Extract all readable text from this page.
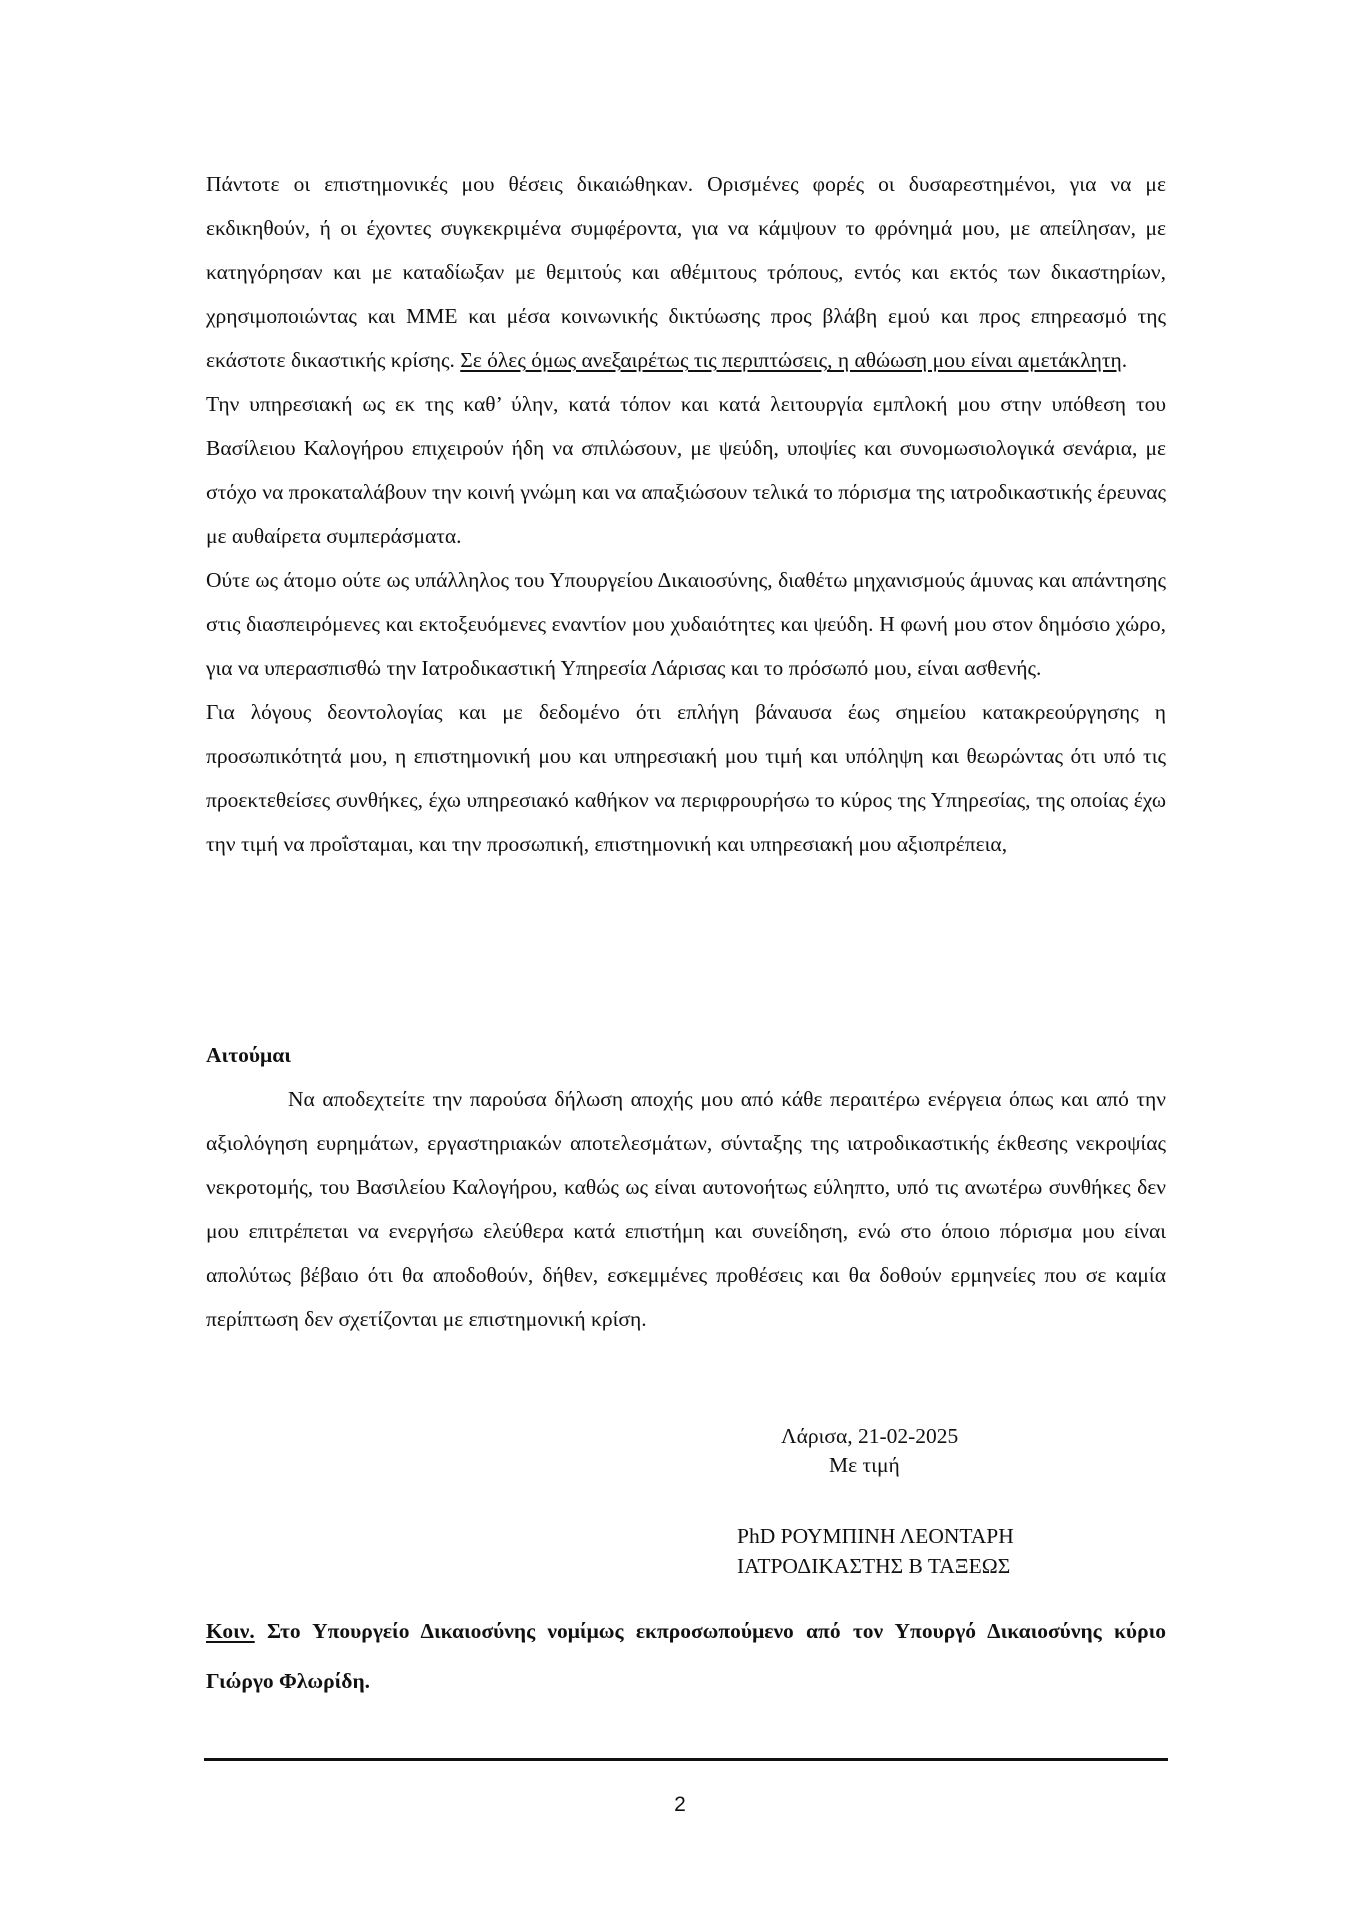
Πάντοτε οι επιστημονικές μου θέσεις δικαιώθηκαν. Ορισμένες φορές οι δυσαρεστημένοι, για να με εκδικηθούν, ή οι έχοντες συγκεκριμένα συμφέροντα, για να κάμψουν το φρόνημά μου, με απείλησαν, με κατηγόρησαν και με καταδίωξαν με θεμιτούς και αθέμιτους τρόπους, εντός και εκτός των δικαστηρίων, χρησιμοποιώντας και ΜΜΕ και μέσα κοινωνικής δικτύωσης προς βλάβη εμού και προς επηρεασμό της εκάστοτε δικαστικής κρίσης. Σε όλες όμως ανεξαιρέτως τις περιπτώσεις, η αθώωση μου είναι αμετάκλητη.

Την υπηρεσιακή ως εκ της καθ’ ύλην, κατά τόπον και κατά λειτουργία εμπλοκή μου στην υπόθεση του Βασίλειου Καλογήρου επιχειρούν ήδη να σπιλώσουν, με ψεύδη, υποψίες και συνομωσιολογικά σενάρια, με στόχο να προκαταλάβουν την κοινή γνώμη και να απαξιώσουν τελικά το πόρισμα της ιατροδικαστικής έρευνας με αυθαίρετα συμπεράσματα.

Ούτε ως άτομο ούτε ως υπάλληλος του Υπουργείου Δικαιοσύνης, διαθέτω μηχανισμούς άμυνας και απάντησης στις διασπειρόμενες και εκτοξευόμενες εναντίον μου χυδαιότητες και ψεύδη. Η φωνή μου στον δημόσιο χώρο, για να υπερασπισθώ την Ιατροδικαστική Υπηρεσία Λάρισας και το πρόσωπό μου, είναι ασθενής.

Για λόγους δεοντολογίας και με δεδομένο ότι επλήγη βάναυσα έως σημείου κατακρεούργησης η προσωπικότητά μου, η επιστημονική μου και υπηρεσιακή μου τιμή και υπόληψη και θεωρώντας ότι υπό τις προεκτεθείσες συνθήκες, έχω υπηρεσιακό καθήκον να περιφρουρήσω το κύρος της Υπηρεσίας, της οποίας έχω την τιμή να προΐσταμαι, και την προσωπική, επιστημονική και υπηρεσιακή μου αξιοπρέπεια,

Αιτούμαι

Να αποδεχτείτε την παρούσα δήλωση αποχής μου από κάθε περαιτέρω ενέργεια όπως και από την αξιολόγηση ευρημάτων, εργαστηριακών αποτελεσμάτων, σύνταξης της ιατροδικαστικής έκθεσης νεκροψίας νεκροτομής, του Βασιλείου Καλογήρου, καθώς ως είναι αυτονοήτως εύληπτο, υπό τις ανωτέρω συνθήκες δεν μου επιτρέπεται να ενεργήσω ελεύθερα κατά επιστήμη και συνείδηση, ενώ στο όποιο πόρισμα μου είναι απολύτως βέβαιο ότι θα αποδοθούν, δήθεν, εσκεμμένες προθέσεις και θα δοθούν ερμηνείες που σε καμία περίπτωση δεν σχετίζονται με επιστημονική κρίση.

Λάρισα, 21-02-2025

Με τιμή

PhD ΡΟΥΜΠΙΝΗ ΛΕΟΝΤΑΡΗ

ΙΑΤΡΟΔΙΚΑΣΤΗΣ Β ΤΑΞΕΩΣ

Κοιν. Στο Υπουργείο Δικαιοσύνης νομίμως εκπροσωπούμενο από τον Υπουργό Δικαιοσύνης κύριο Γιώργο Φλωρίδη.

2
